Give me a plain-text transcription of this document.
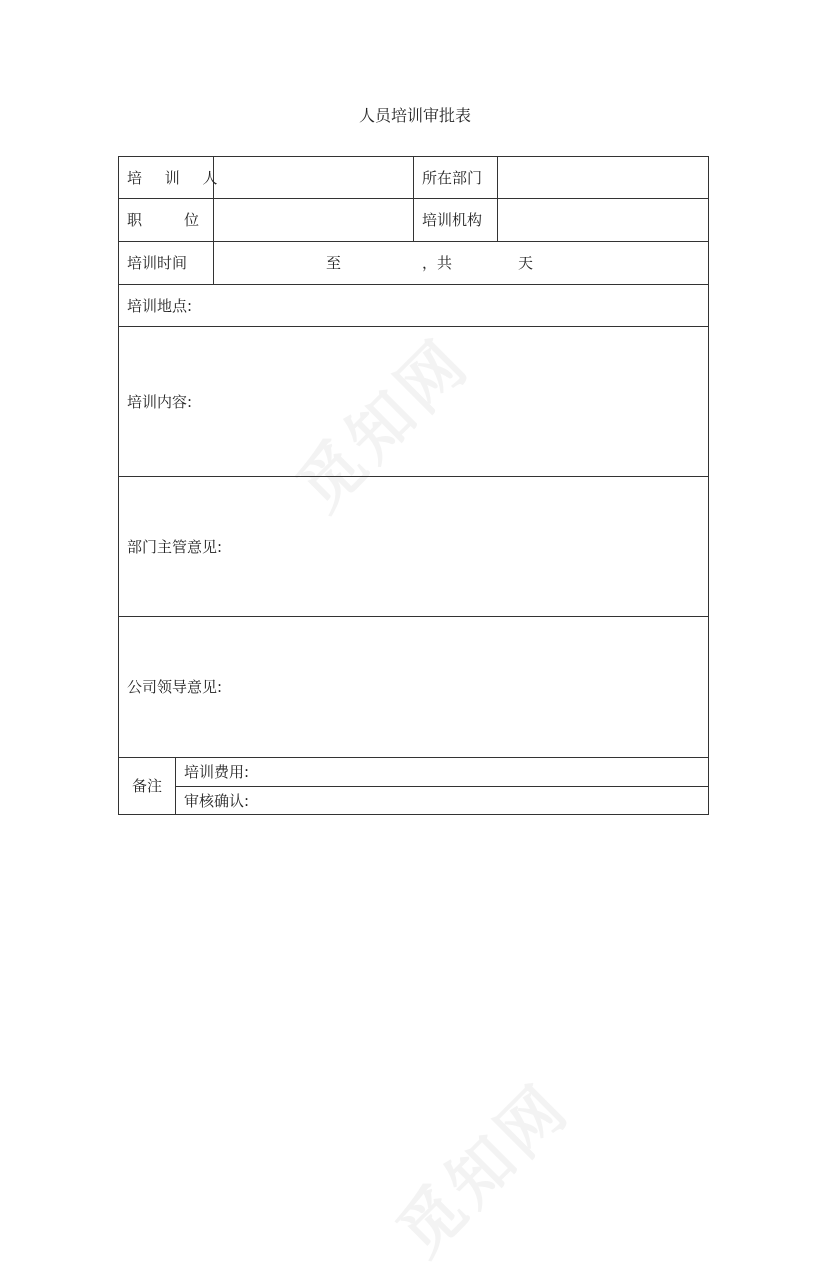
觅知网
觅知网
人员培训审批表
培 训 人			所在部门	

职 位			培训机构	
培训时间		至 ，共 天		

培训地点:				
培训内容:				
部门主管意见:				
公司领导意见:				
备注	培训费用:			
	审核确认:			
